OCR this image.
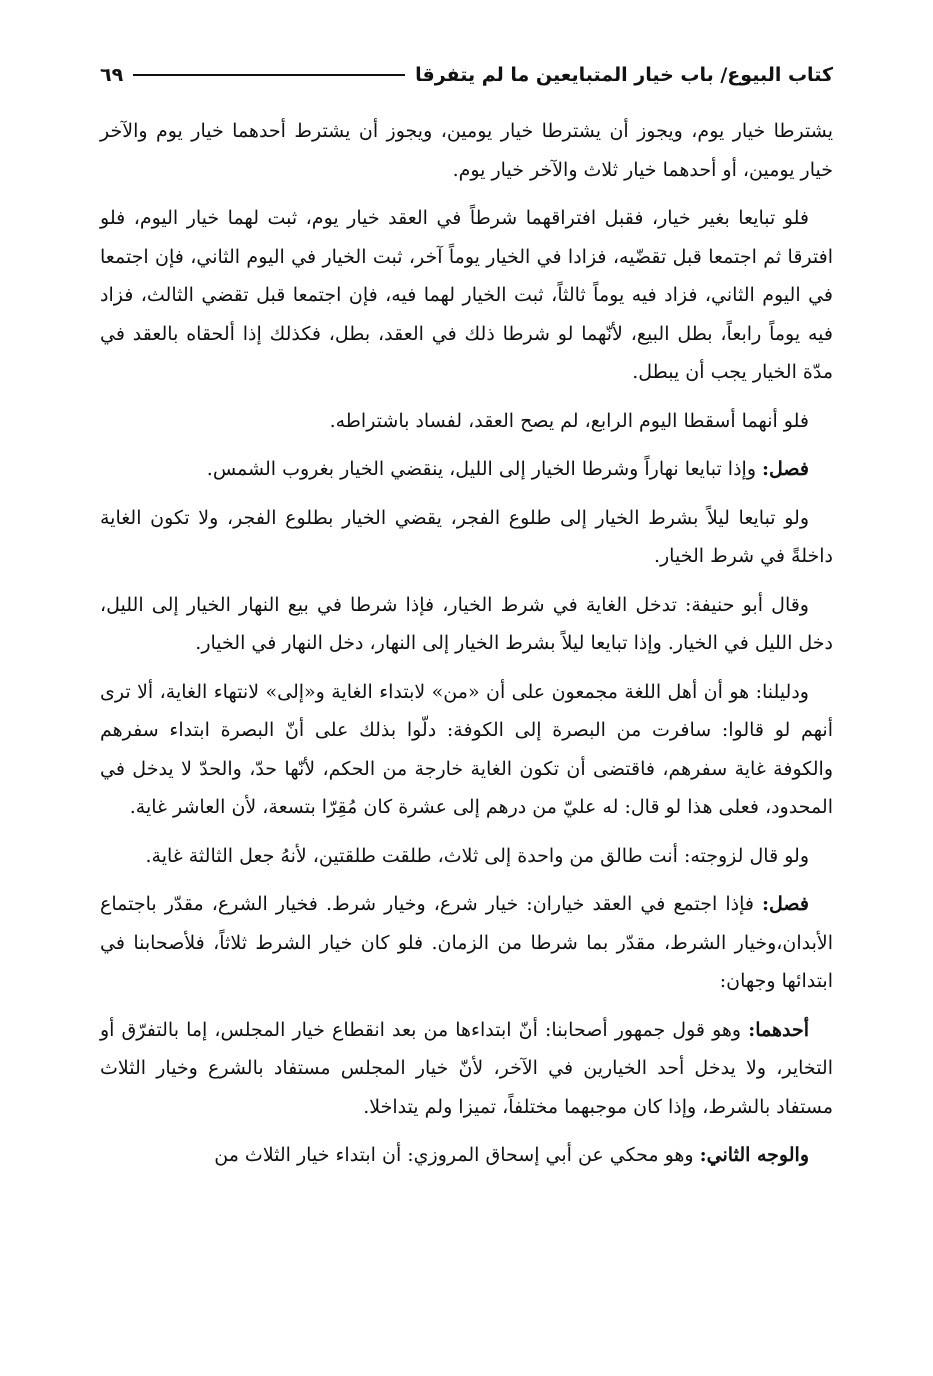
كتاب البيوع/ باب خيار المتبايعين ما لم يتفرقا
٦٩

يشترطا خيار يوم، ويجوز أن يشترطا خيار يومين، ويجوز أن يشترط أحدهما خيار يوم والآخر خيار يومين، أو أحدهما خيار ثلاث والآخر خيار يوم.

فلو تبايعا بغير خيار، فقبل افتراقهما شرطاً في العقد خيار يوم، ثبت لهما خيار اليوم، فلو افترقا ثم اجتمعا قبل تقضّيه، فزادا في الخيار يوماً آخر، ثبت الخيار في اليوم الثاني، فإن اجتمعا في اليوم الثاني، فزاد فيه يوماً ثالثاً، ثبت الخيار لهما فيه، فإن اجتمعا قبل تقضي الثالث، فزاد فيه يوماً رابعاً، بطل البيع، لأنّهما لو شرطا ذلك في العقد، بطل، فكذلك إذا ألحقاه بالعقد في مدّة الخيار يجب أن يبطل.

فلو أنهما أسقطا اليوم الرابع، لم يصح العقد، لفساد باشتراطه.

فصل: وإذا تبايعا نهاراً وشرطا الخيار إلى الليل، ينقضي الخيار بغروب الشمس.

ولو تبايعا ليلاً بشرط الخيار إلى طلوع الفجر، يقضي الخيار بطلوع الفجر، ولا تكون الغاية داخلةً في شرط الخيار.

وقال أبو حنيفة: تدخل الغاية في شرط الخيار، فإذا شرطا في بيع النهار الخيار إلى الليل، دخل الليل في الخيار. وإذا تبايعا ليلاً بشرط الخيار إلى النهار، دخل النهار في الخيار.

ودليلنا: هو أن أهل اللغة مجمعون على أن «من» لابتداء الغاية و«إلى» لانتهاء الغاية، ألا ترى أنهم لو قالوا: سافرت من البصرة إلى الكوفة: دلّوا بذلك على أنّ البصرة ابتداء سفرهم والكوفة غاية سفرهم، فاقتضى أن تكون الغاية خارجة من الحكم، لأنّها حدّ، والحدّ لا يدخل في المحدود، فعلى هذا لو قال: له عليّ من درهم إلى عشرة كان مُقِرّا بتسعة، لأن العاشر غاية.

ولو قال لزوجته: أنت طالق من واحدة إلى ثلاث، طلقت طلقتين، لأنهُ جعل الثالثة غاية.

فصل: فإذا اجتمع في العقد خياران: خيار شرع، وخيار شرط. فخيار الشرع، مقدّر باجتماع الأبدان،وخيار الشرط، مقدّر بما شرطا من الزمان. فلو كان خيار الشرط ثلاثاً، فلأصحابنا في ابتدائها وجهان:

أحدهما: وهو قول جمهور أصحابنا: أنّ ابتداءها من بعد انقطاع خيار المجلس، إما بالتفرّق أو التخاير، ولا يدخل أحد الخيارين في الآخر، لأنّ خيار المجلس مستفاد بالشرع وخيار الثلاث مستفاد بالشرط، وإذا كان موجبهما مختلفاً، تميزا ولم يتداخلا.

والوجه الثاني: وهو محكي عن أبي إسحاق المروزي: أن ابتداء خيار الثلاث من
